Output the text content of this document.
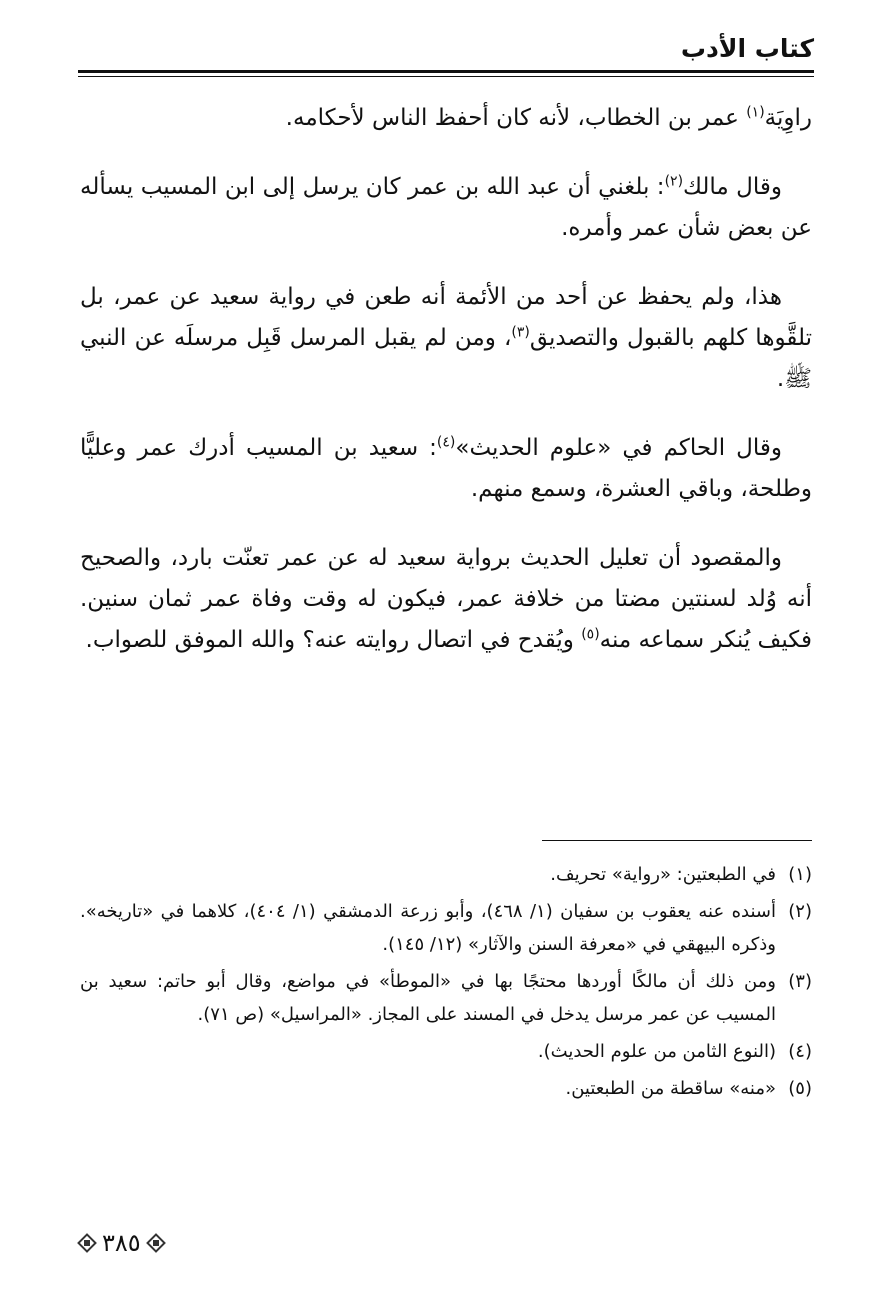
كتاب الأدب

راوِيَة$^{(١)}$ عمر بن الخطاب، لأنه كان أحفظ الناس لأحكامه.

وقال مالك$^{(٢)}$: بلغني أن عبد الله بن عمر كان يرسل إلى ابن المسيب يسأله عن بعض شأن عمر وأمره.

هذا، ولم يحفظ عن أحد من الأئمة أنه طعن في رواية سعيد عن عمر، بل تلقَّوها كلهم بالقبول والتصديق$^{(٣)}$، ومن لم يقبل المرسل قَبِل مرسلَه عن النبي ﷺ.

وقال الحاكم في «علوم الحديث»$^{(٤)}$: سعيد بن المسيب أدرك عمر وعليًّا وطلحة، وباقي العشرة، وسمع منهم.

والمقصود أن تعليل الحديث برواية سعيد له عن عمر تعنّت بارد، والصحيح أنه وُلد لسنتين مضتا من خلافة عمر، فيكون له وقت وفاة عمر ثمان سنين. فكيف يُنكر سماعه منه$^{(٥)}$ ويُقدح في اتصال روايته عنه؟ والله الموفق للصواب.

(١)
في الطبعتين: «رواية» تحريف.
(٢)
أسنده عنه يعقوب بن سفيان (١/ ٤٦٨)، وأبو زرعة الدمشقي (١/ ٤٠٤)، كلاهما في «تاريخه». وذكره البيهقي في «معرفة السنن والآثار» (١٢/ ١٤٥).
(٣)
ومن ذلك أن مالكًا أوردها محتجًا بها في «الموطأ» في مواضع، وقال أبو حاتم: سعيد بن المسيب عن عمر مرسل يدخل في المسند على المجاز. «المراسيل» (ص ٧١).
(٤)
(النوع الثامن من علوم الحديث).
(٥)
«منه» ساقطة من الطبعتين.
٣٨٥
